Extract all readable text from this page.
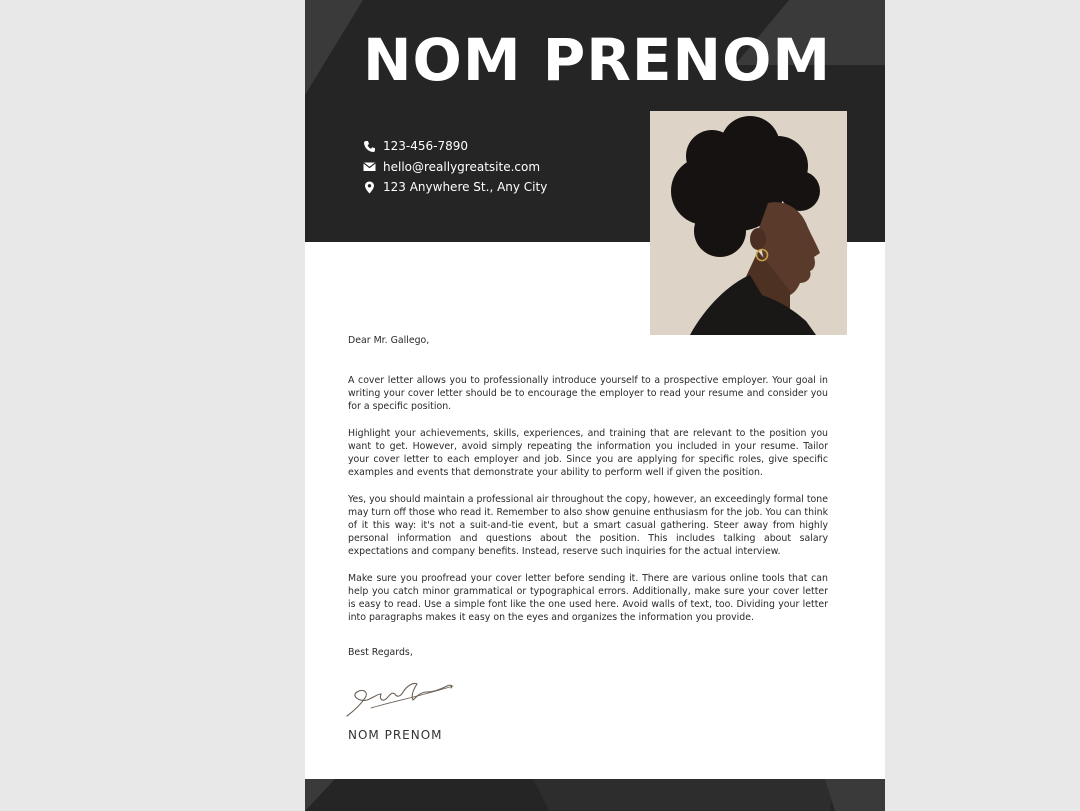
NOM PRENOM
123-456-7890
hello@reallygreatsite.com
123 Anywhere St., Any City

Dear Mr. Gallego,

A cover letter allows you to professionally introduce yourself to a prospective employer. Your goal in writing your cover letter should be to encourage the employer to read your resume and consider you for a specific position.

Highlight your achievements, skills, experiences, and training that are relevant to the position you want to get. However, avoid simply repeating the information you included in your resume. Tailor your cover letter to each employer and job. Since you are applying for specific roles, give specific examples and events that demonstrate your ability to perform well if given the position.

Yes, you should maintain a professional air throughout the copy, however, an exceedingly formal tone may turn off those who read it. Remember to also show genuine enthusiasm for the job. You can think of it this way: it's not a suit-and-tie event, but a smart casual gathering. Steer away from highly personal information and questions about the position. This includes talking about salary expectations and company benefits. Instead, reserve such inquiries for the actual interview.

Make sure you proofread your cover letter before sending it. There are various online tools that can help you catch minor grammatical or typographical errors. Additionally, make sure your cover letter is easy to read. Use a simple font like the one used here. Avoid walls of text, too. Dividing your letter into paragraphs makes it easy on the eyes and organizes the information you provide.

Best Regards,

NOM PRENOM
